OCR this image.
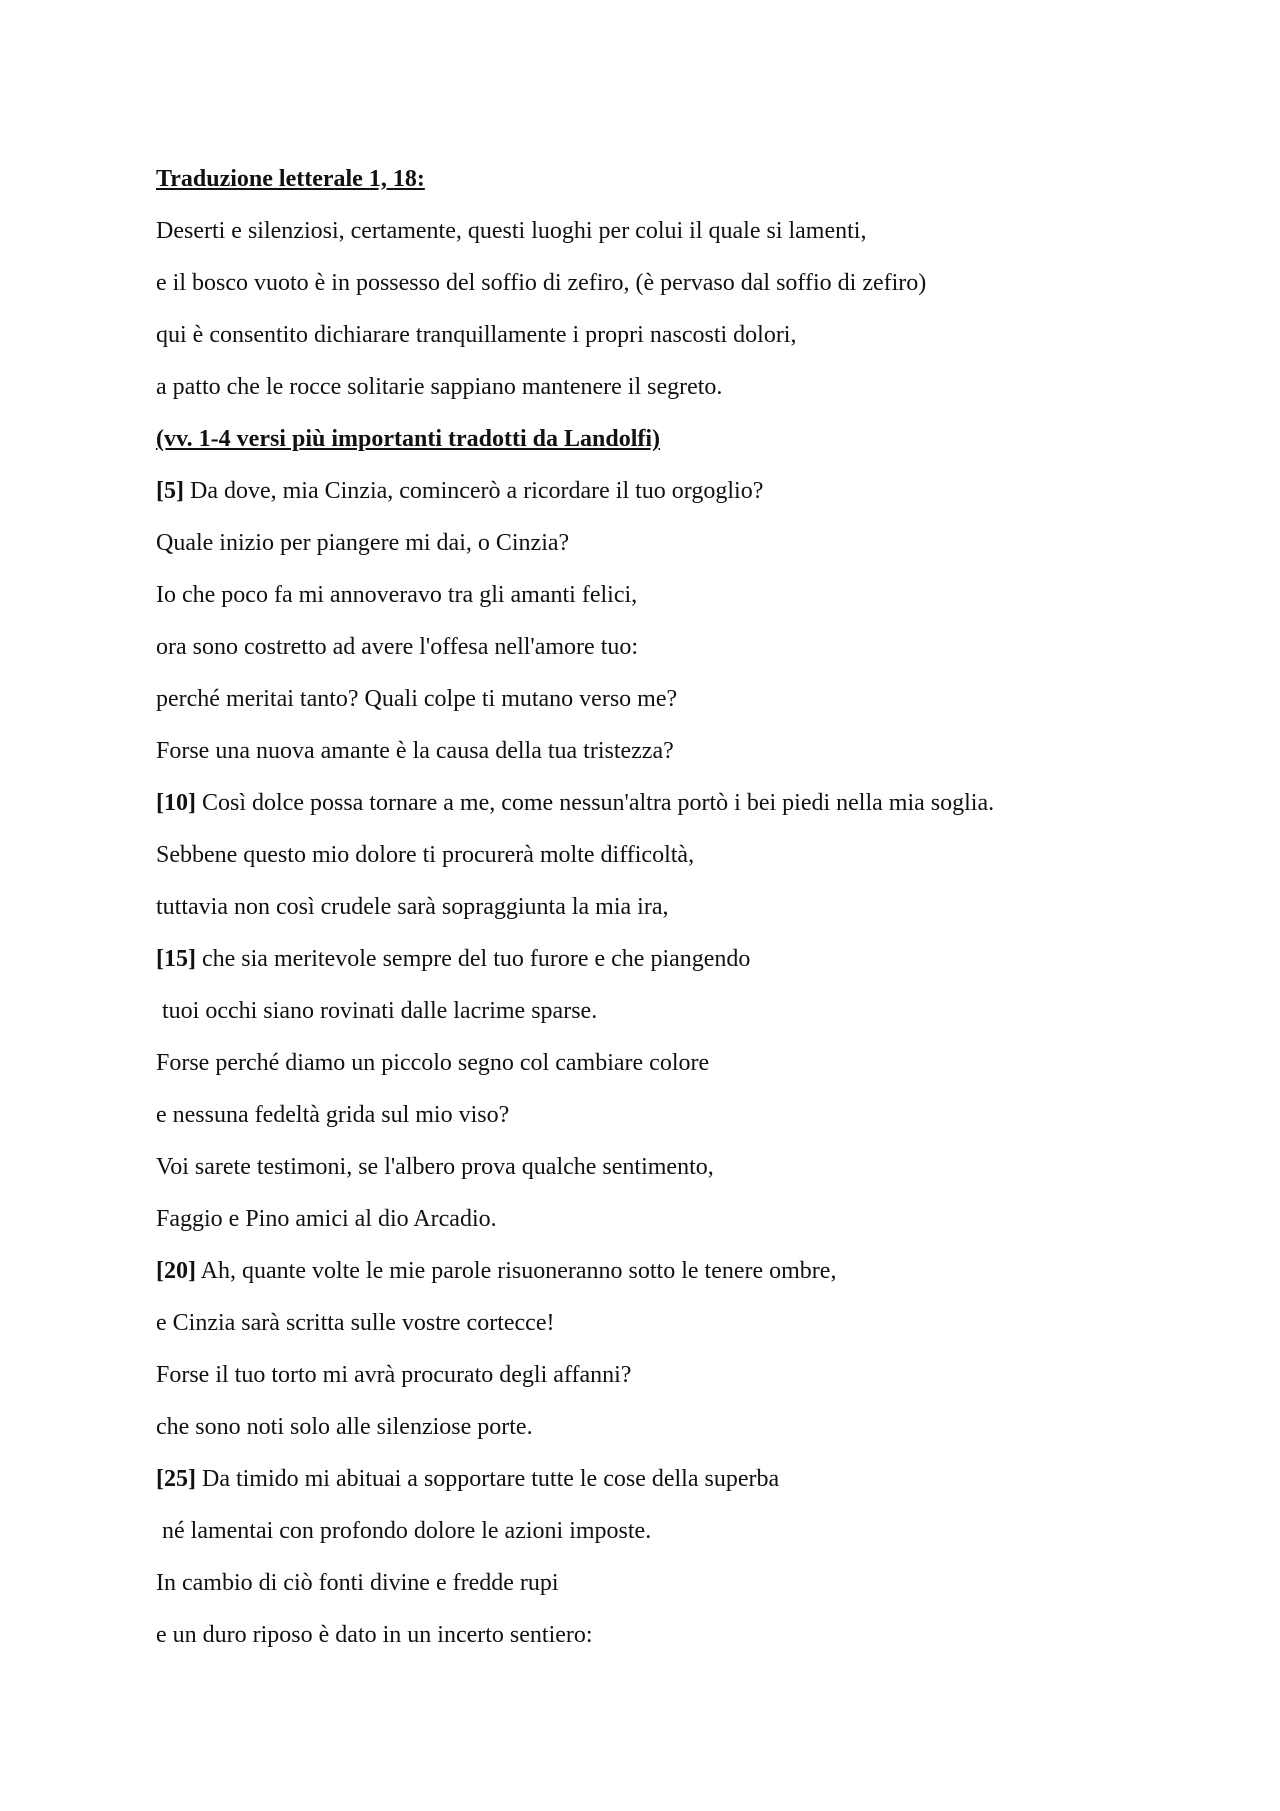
Traduzione letterale 1, 18:
Deserti e silenziosi, certamente, questi luoghi per colui il quale si lamenti,
e il bosco vuoto è in possesso del soffio di zefiro, (è pervaso dal soffio di zefiro)
qui è consentito dichiarare tranquillamente i propri nascosti dolori,
a patto che le rocce solitarie sappiano mantenere il segreto.
(vv. 1-4 versi più importanti tradotti da Landolfi)
[5] Da dove, mia Cinzia, comincerò a ricordare il tuo orgoglio?
Quale inizio per piangere mi dai, o Cinzia?
Io che poco fa mi annoveravo tra gli amanti felici,
ora sono costretto ad avere l'offesa nell'amore tuo:
perché meritai tanto? Quali colpe ti mutano verso me?
Forse una nuova amante è la causa della tua tristezza?
[10] Così dolce possa tornare a me, come nessun'altra portò i bei piedi nella mia soglia.
Sebbene questo mio dolore ti procurerà molte difficoltà,
tuttavia non così crudele sarà sopraggiunta la mia ira,
[15] che sia meritevole sempre del tuo furore e che piangendo
tuoi occhi siano rovinati dalle lacrime sparse.
Forse perché diamo un piccolo segno col cambiare colore
e nessuna fedeltà grida sul mio viso?
Voi sarete testimoni, se l'albero prova qualche sentimento,
Faggio e Pino amici al dio Arcadio.
[20] Ah, quante volte le mie parole risuoneranno sotto le tenere ombre,
e Cinzia sarà scritta sulle vostre cortecce!
Forse il tuo torto mi avrà procurato degli affanni?
che sono noti solo alle silenziose porte.
[25] Da timido mi abituai a sopportare tutte le cose della superba
né lamentai con profondo dolore le azioni imposte.
In cambio di ciò fonti divine e fredde rupi
e un duro riposo è dato in un incerto sentiero:
